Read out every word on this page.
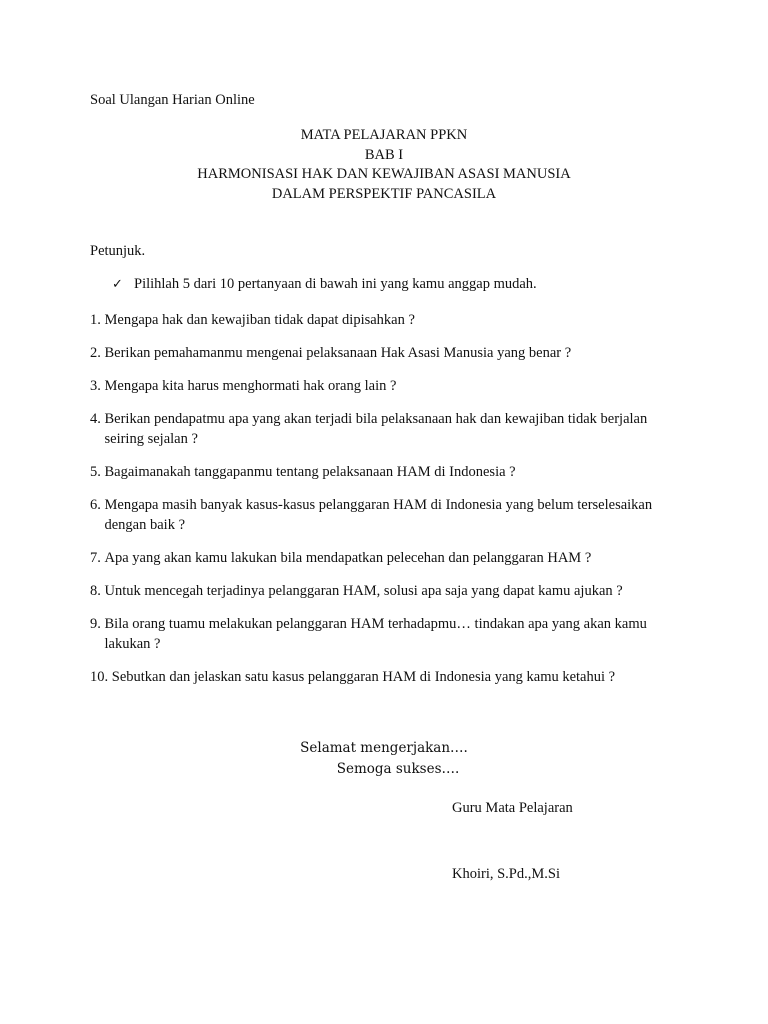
Soal Ulangan Harian Online
MATA PELAJARAN PPKN
BAB I
HARMONISASI HAK DAN KEWAJIBAN ASASI MANUSIA
DALAM PERSPEKTIF PANCASILA
Petunjuk.
✓ Pilihlah 5 dari 10 pertanyaan di bawah ini yang kamu anggap mudah.
1. Mengapa hak dan kewajiban tidak dapat dipisahkan ?
2. Berikan pemahamanmu mengenai pelaksanaan Hak Asasi Manusia yang benar ?
3. Mengapa kita harus menghormati hak orang lain ?
4. Berikan pendapatmu apa yang akan terjadi bila pelaksanaan hak dan kewajiban tidak berjalan seiring sejalan ?
5. Bagaimanakah tanggapanmu tentang pelaksanaan HAM di Indonesia ?
6. Mengapa masih banyak kasus-kasus pelanggaran HAM di Indonesia yang belum terselesaikan dengan baik ?
7. Apa yang akan kamu lakukan bila mendapatkan pelecehan dan pelanggaran HAM ?
8. Untuk mencegah terjadinya pelanggaran HAM, solusi apa saja yang dapat kamu ajukan ?
9. Bila orang tuamu melakukan pelanggaran HAM terhadapmu… tindakan apa yang akan kamu lakukan ?
10. Sebutkan dan jelaskan satu kasus pelanggaran HAM di Indonesia yang kamu ketahui ?
Selamat mengerjakan….
Semoga sukses….
Guru Mata Pelajaran
Khoiri, S.Pd.,M.Si
